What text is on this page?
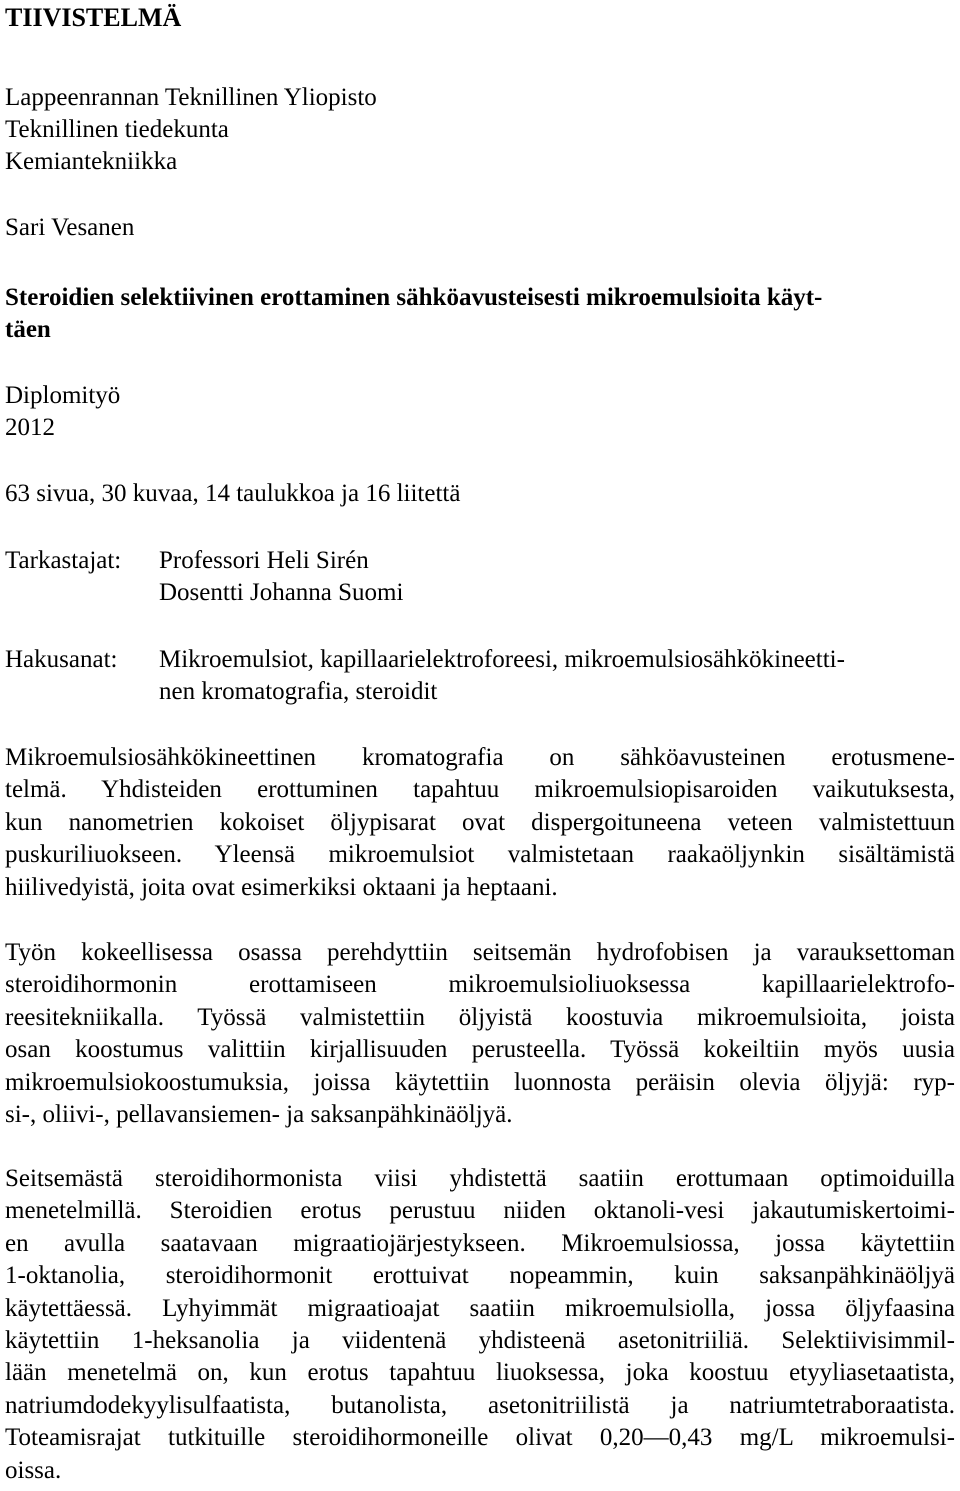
TIIVISTELMÄ
Lappeenrannan Teknillinen Yliopisto
Teknillinen tiedekunta
Kemiantekniikka
Sari Vesanen
Steroidien selektiivinen erottaminen sähköavusteisesti mikroemulsioita käyt-
täen
Diplomityö
2012
63 sivua, 30 kuvaa, 14 taulukkoa ja 16 liitettä
Tarkastajat: Professori Heli Sirén
Dosentti Johanna Suomi
Hakusanat: Mikroemulsiot, kapillaarielektroforeesi, mikroemulsiosähkökineetti-
nen kromatografia, steroidit
Mikroemulsiosähkökineettinen kromatografia on sähköavusteinen erotusmene-
telmä. Yhdisteiden erottuminen tapahtuu mikroemulsiopisaroiden vaikutuksesta,
kun nanometrien kokoiset öljypisarat ovat dispergoituneena veteen valmistettuun
puskuriliuokseen. Yleensä mikroemulsiot valmistetaan raakaöljynkin sisältämistä
hiilivedyistä, joita ovat esimerkiksi oktaani ja heptaani.
Työn kokeellisessa osassa perehdyttiin seitsemän hydrofobisen ja varauksettoman
steroidihormonin erottamiseen mikroemulsioliuoksessa kapillaarielektrofo-
reesitekniikalla. Työssä valmistettiin öljyistä koostuvia mikroemulsioita, joista
osan koostumus valittiin kirjallisuuden perusteella. Työssä kokeiltiin myös uusia
mikroemulsiokoostumuksia, joissa käytettiin luonnosta peräisin olevia öljyjä: ryp-
si-, oliivi-, pellavansiemen- ja saksanpähkinäöljyä.
Seitsemästä steroidihormonista viisi yhdistettä saatiin erottumaan optimoiduilla
menetelmillä. Steroidien erotus perustuu niiden oktanoli-vesi jakautumiskertoimi-
en avulla saatavaan migraatiojärjestykseen. Mikroemulsiossa, jossa käytettiin
1-oktanolia, steroidihormonit erottuivat nopeammin, kuin saksanpähkinäöljyä
käytettäessä. Lyhyimmät migraatioajat saatiin mikroemulsiolla, jossa öljyfaasina
käytettiin 1-heksanolia ja viidentenä yhdisteenä asetonitriiliä. Selektiivisimmil-
lään menetelmä on, kun erotus tapahtuu liuoksessa, joka koostuu etyyliasetaatista,
natriumdodekyylisulfaatista, butanolista, asetonitriilistä ja natriumtetraboraatista.
Toteamisrajat tutkituille steroidihormoneille olivat 0,20—0,43 mg/L mikroemulsi-
oissa.
